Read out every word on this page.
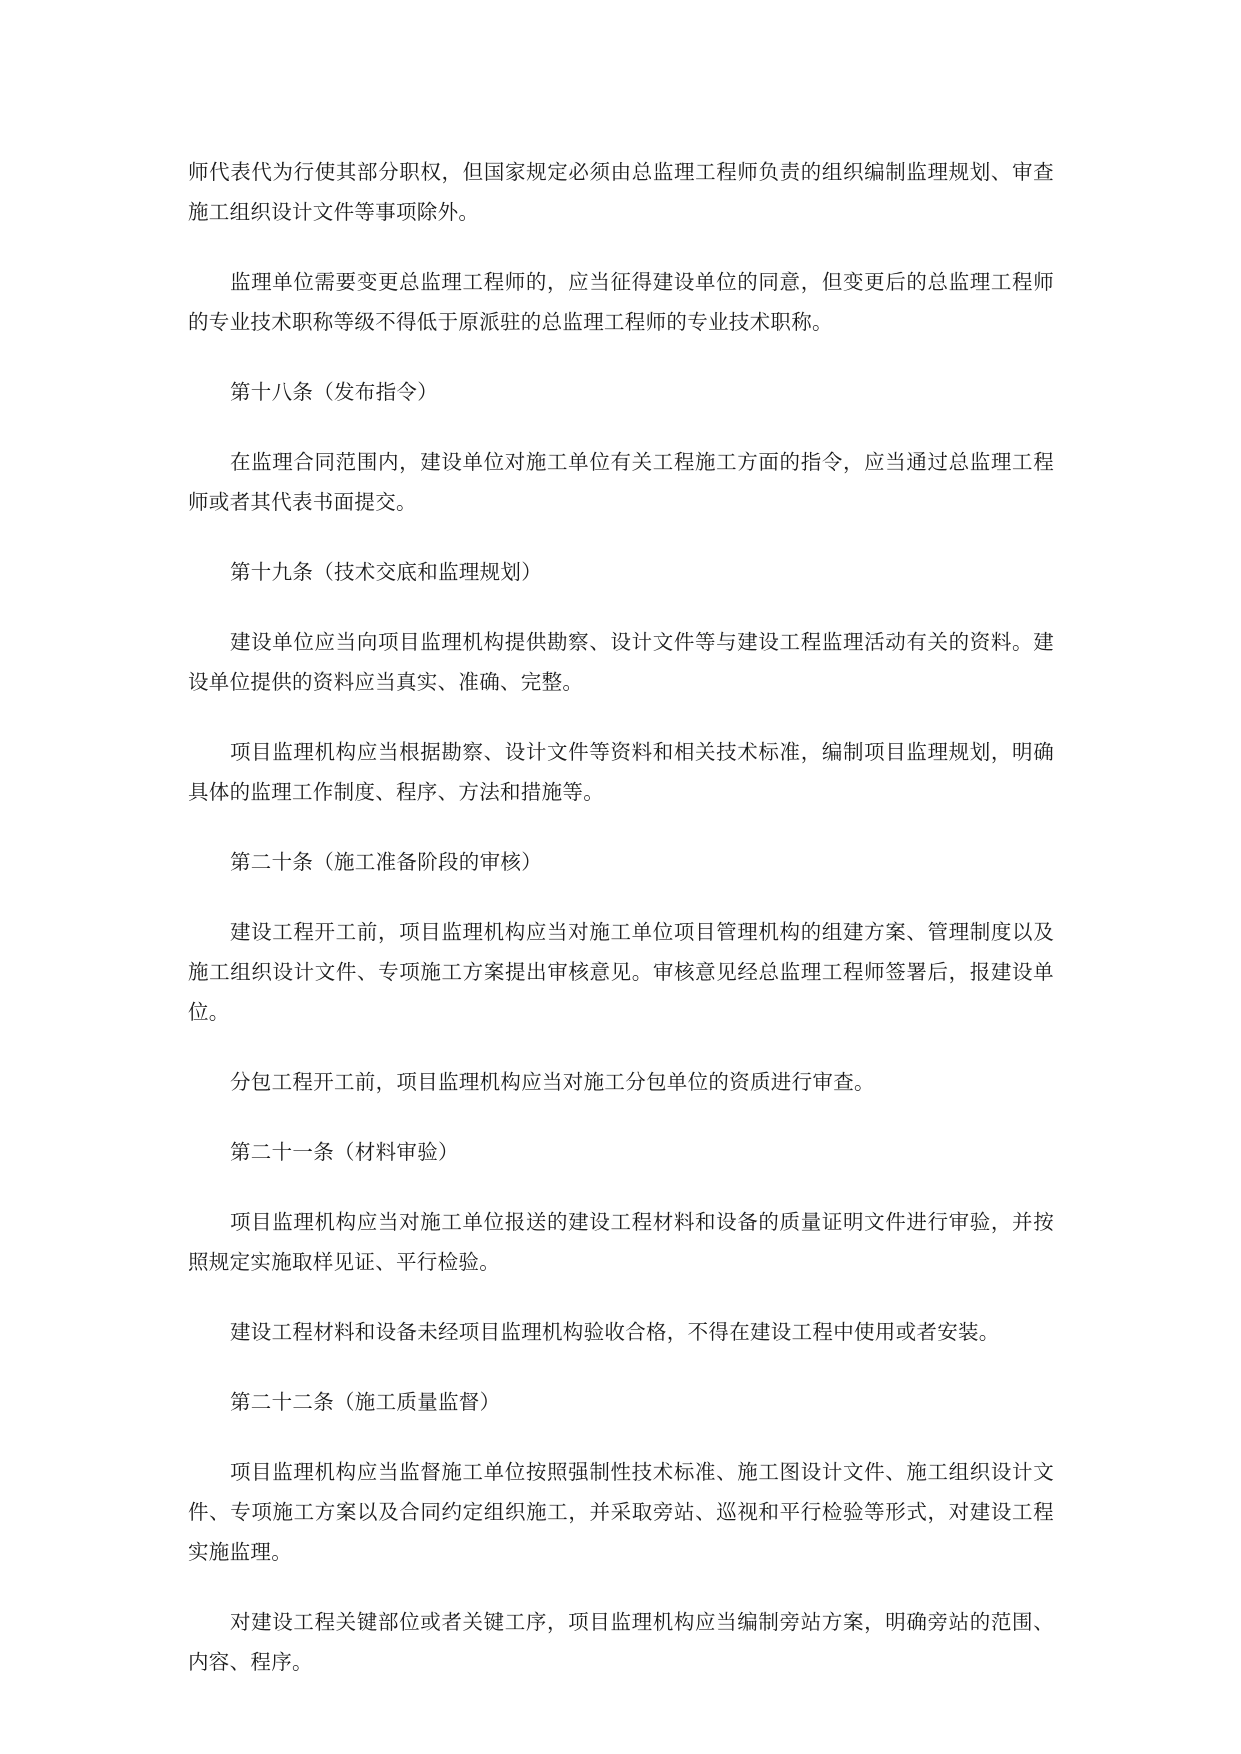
师代表代为行使其部分职权，但国家规定必须由总监理工程师负责的组织编制监理规划、审查施工组织设计文件等事项除外。

监理单位需要变更总监理工程师的，应当征得建设单位的同意，但变更后的总监理工程师的专业技术职称等级不得低于原派驻的总监理工程师的专业技术职称。

第十八条（发布指令）

在监理合同范围内，建设单位对施工单位有关工程施工方面的指令，应当通过总监理工程师或者其代表书面提交。

第十九条（技术交底和监理规划）

建设单位应当向项目监理机构提供勘察、设计文件等与建设工程监理活动有关的资料。建设单位提供的资料应当真实、准确、完整。

项目监理机构应当根据勘察、设计文件等资料和相关技术标准，编制项目监理规划，明确具体的监理工作制度、程序、方法和措施等。

第二十条（施工准备阶段的审核）

建设工程开工前，项目监理机构应当对施工单位项目管理机构的组建方案、管理制度以及施工组织设计文件、专项施工方案提出审核意见。审核意见经总监理工程师签署后，报建设单位。

分包工程开工前，项目监理机构应当对施工分包单位的资质进行审查。

第二十一条（材料审验）

项目监理机构应当对施工单位报送的建设工程材料和设备的质量证明文件进行审验，并按照规定实施取样见证、平行检验。

建设工程材料和设备未经项目监理机构验收合格，不得在建设工程中使用或者安装。

第二十二条（施工质量监督）

项目监理机构应当监督施工单位按照强制性技术标准、施工图设计文件、施工组织设计文件、专项施工方案以及合同约定组织施工，并采取旁站、巡视和平行检验等形式，对建设工程实施监理。

对建设工程关键部位或者关键工序，项目监理机构应当编制旁站方案，明确旁站的范围、内容、程序。
